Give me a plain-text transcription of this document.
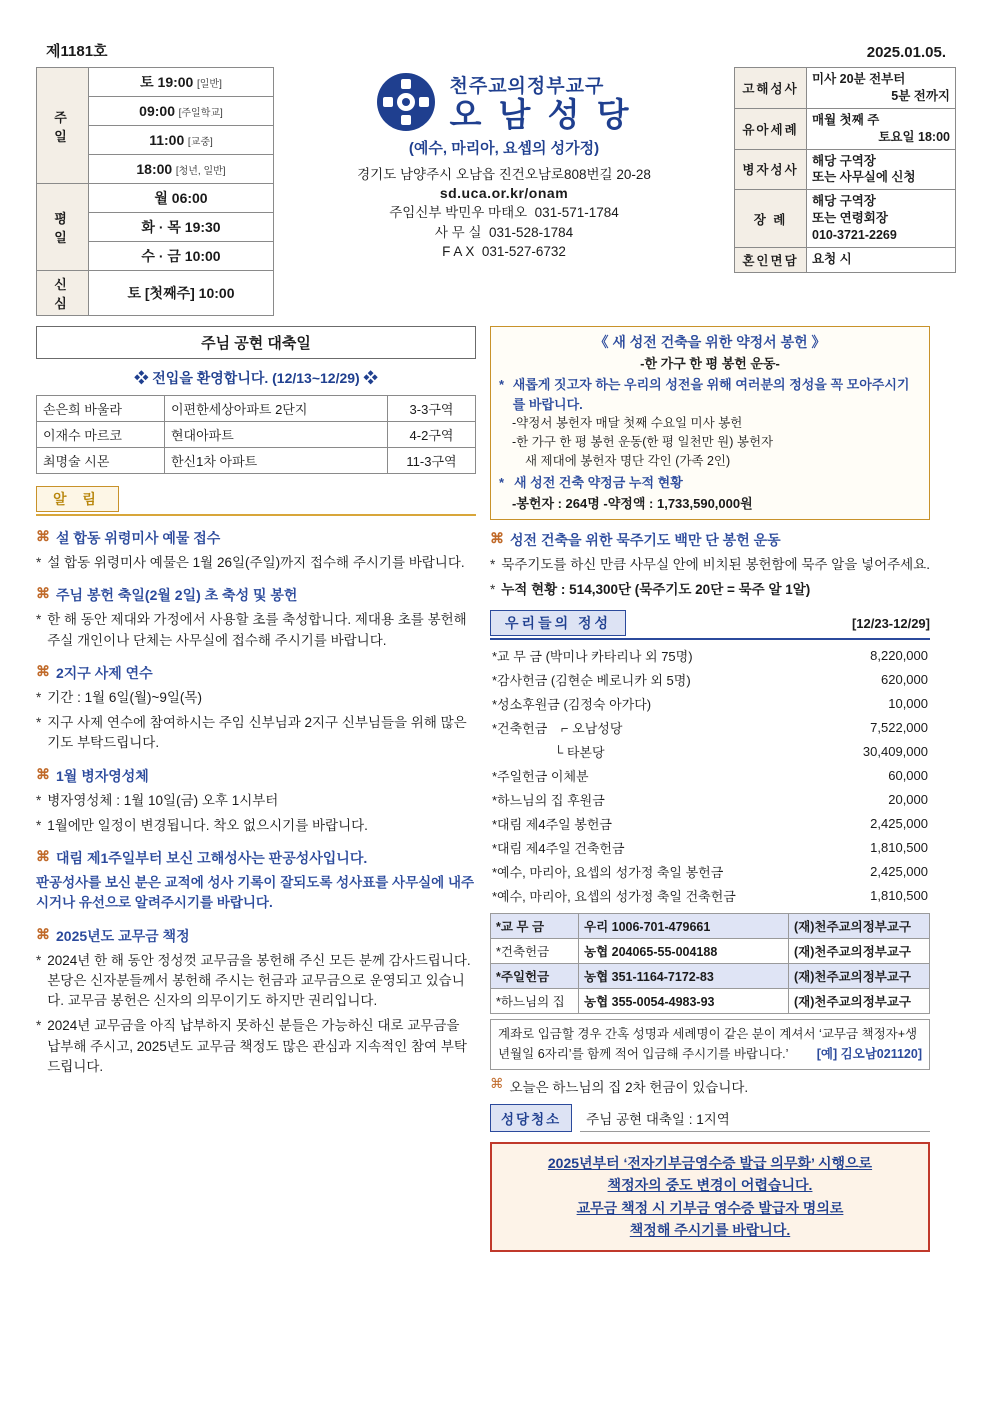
제1181호	2025.01.05.
주 일	토 19:00 [일반]
	09:00 [주일학교]
	11:00 [교중]
	18:00 [청년, 일반]
평 일	월 06:00
	화 · 목 19:30
	수 · 금 10:00
신 심	토 [첫째주] 10:00
천주교의정부교구
오 남 성 당
(예수, 마리아, 요셉의 성가정)
경기도 남양주시 오남읍 진건오남로808번길 20-28
sd.uca.or.kr/onam
주임신부 박민우 마태오 031-571-1784
사 무 실 031-528-1784
F A X 031-527-6732
고해성사	미사 20분 전부터
5분 전까지

유아세례	매월 첫째 주
토요일 18:00

병자성사	해당 구역장
또는 사무실에 신청

장 례	해당 구역장
또는 연령회장
010-3721-2269

혼인면담	요청 시
주님 공현 대축일
❖ 전입을 환영합니다. (12/13~12/29) ❖
손은희 바울라	이편한세상아파트 2단지	3-3구역
이재수 마르코	현대아파트	4-2구역
최명술 시몬	한신1차 아파트	11-3구역
알 림
⌘ 설 합동 위령미사 예물 접수
* 설 합동 위령미사 예물은 1월 26일(주일)까지 접수해 주시기를 바랍니다.
⌘ 주님 봉헌 축일(2월 2일) 초 축성 및 봉헌
* 한 해 동안 제대와 가정에서 사용할 초를 축성합니다. 제대용 초를 봉헌해 주실 개인이나 단체는 사무실에 접수해 주시기를 바랍니다.
⌘ 2지구 사제 연수
* 기간 : 1월 6일(월)~9일(목)
* 지구 사제 연수에 참여하시는 주임 신부님과 2지구 신부님들을 위해 많은 기도 부탁드립니다.
⌘ 1월 병자영성체
* 병자영성체 : 1월 10일(금) 오후 1시부터
* 1월에만 일정이 변경됩니다. 착오 없으시기를 바랍니다.
⌘ 대림 제1주일부터 보신 고해성사는 판공성사입니다.
판공성사를 보신 분은 교적에 성사 기록이 잘되도록 성사표를 사무실에 내주시거나 유선으로 알려주시기를 바랍니다.
⌘ 2025년도 교무금 책정
* 2024년 한 해 동안 정성껏 교무금을 봉헌해 주신 모든 분께 감사드립니다. 본당은 신자분들께서 봉헌해 주시는 헌금과 교무금으로 운영되고 있습니다. 교무금 봉헌은 신자의 의무이기도 하지만 권리입니다.
* 2024년 교무금을 아직 납부하지 못하신 분들은 가능하신 대로 교무금을 납부해 주시고, 2025년도 교무금 책정도 많은 관심과 지속적인 참여 부탁드립니다.
《 새 성전 건축을 위한 약정서 봉헌 》
-한 가구 한 평 봉헌 운동-
* 새롭게 짓고자 하는 우리의 성전을 위해 여러분의 정성을 꼭 모아주시기를 바랍니다.
-약정서 봉헌자 매달 첫째 수요일 미사 봉헌
-한 가구 한 평 봉헌 운동(한 평 일천만 원) 봉헌자
새 제대에 봉헌자 명단 각인 (가족 2인)
* 새 성전 건축 약정금 누적 현황
-봉헌자 : 264명 -약정액 : 1,733,590,000원
⌘ 성전 건축을 위한 묵주기도 백만 단 봉헌 운동
* 묵주기도를 하신 만큼 사무실 안에 비치된 봉헌함에 묵주 알을 넣어주세요.
* 누적 현황 : 514,300단 (묵주기도 20단 = 묵주 알 1알)
우리들의 정성	[12/23-12/29]
*교 무 금 (박미나 카타리나 외 75명)	8,220,000
*감사헌금 (김현순 베로니카 외 5명)	620,000
*성소후원금 (김정숙 아가다)	10,000
*건축헌금 ⌐ 오남성당	7,522,000
└ 타본당	30,409,000
*주일헌금 이체분	60,000
*하느님의 집 후원금	20,000
*대림 제4주일 봉헌금	2,425,000
*대림 제4주일 건축헌금	1,810,500
*예수, 마리아, 요셉의 성가정 축일 봉헌금	2,425,000
*예수, 마리아, 요셉의 성가정 축일 건축헌금	1,810,500
*교 무 금	우리 1006-701-479661	(재)천주교의정부교구
*건축헌금	농협 204065-55-004188	(재)천주교의정부교구
*주일헌금	농협 351-1164-7172-83	(재)천주교의정부교구
*하느님의 집	농협 355-0054-4983-93	(재)천주교의정부교구
계좌로 입금할 경우 간혹 성명과 세례명이 같은 분이 계셔서 ‘교무금 책정자+생년월일 6자리’를 함께 적어 입금해 주시기를 바랍니다.’ [예] 김오남021120]
⌘ 오늘은 하느님의 집 2차 헌금이 있습니다.
성당청소	주님 공현 대축일 : 1지역
2025년부터 ‘전자기부금영수증 발급 의무화’ 시행으로
책정자의 중도 변경이 어렵습니다.
교무금 책정 시 기부금 영수증 발급자 명의로
책정해 주시기를 바랍니다.
